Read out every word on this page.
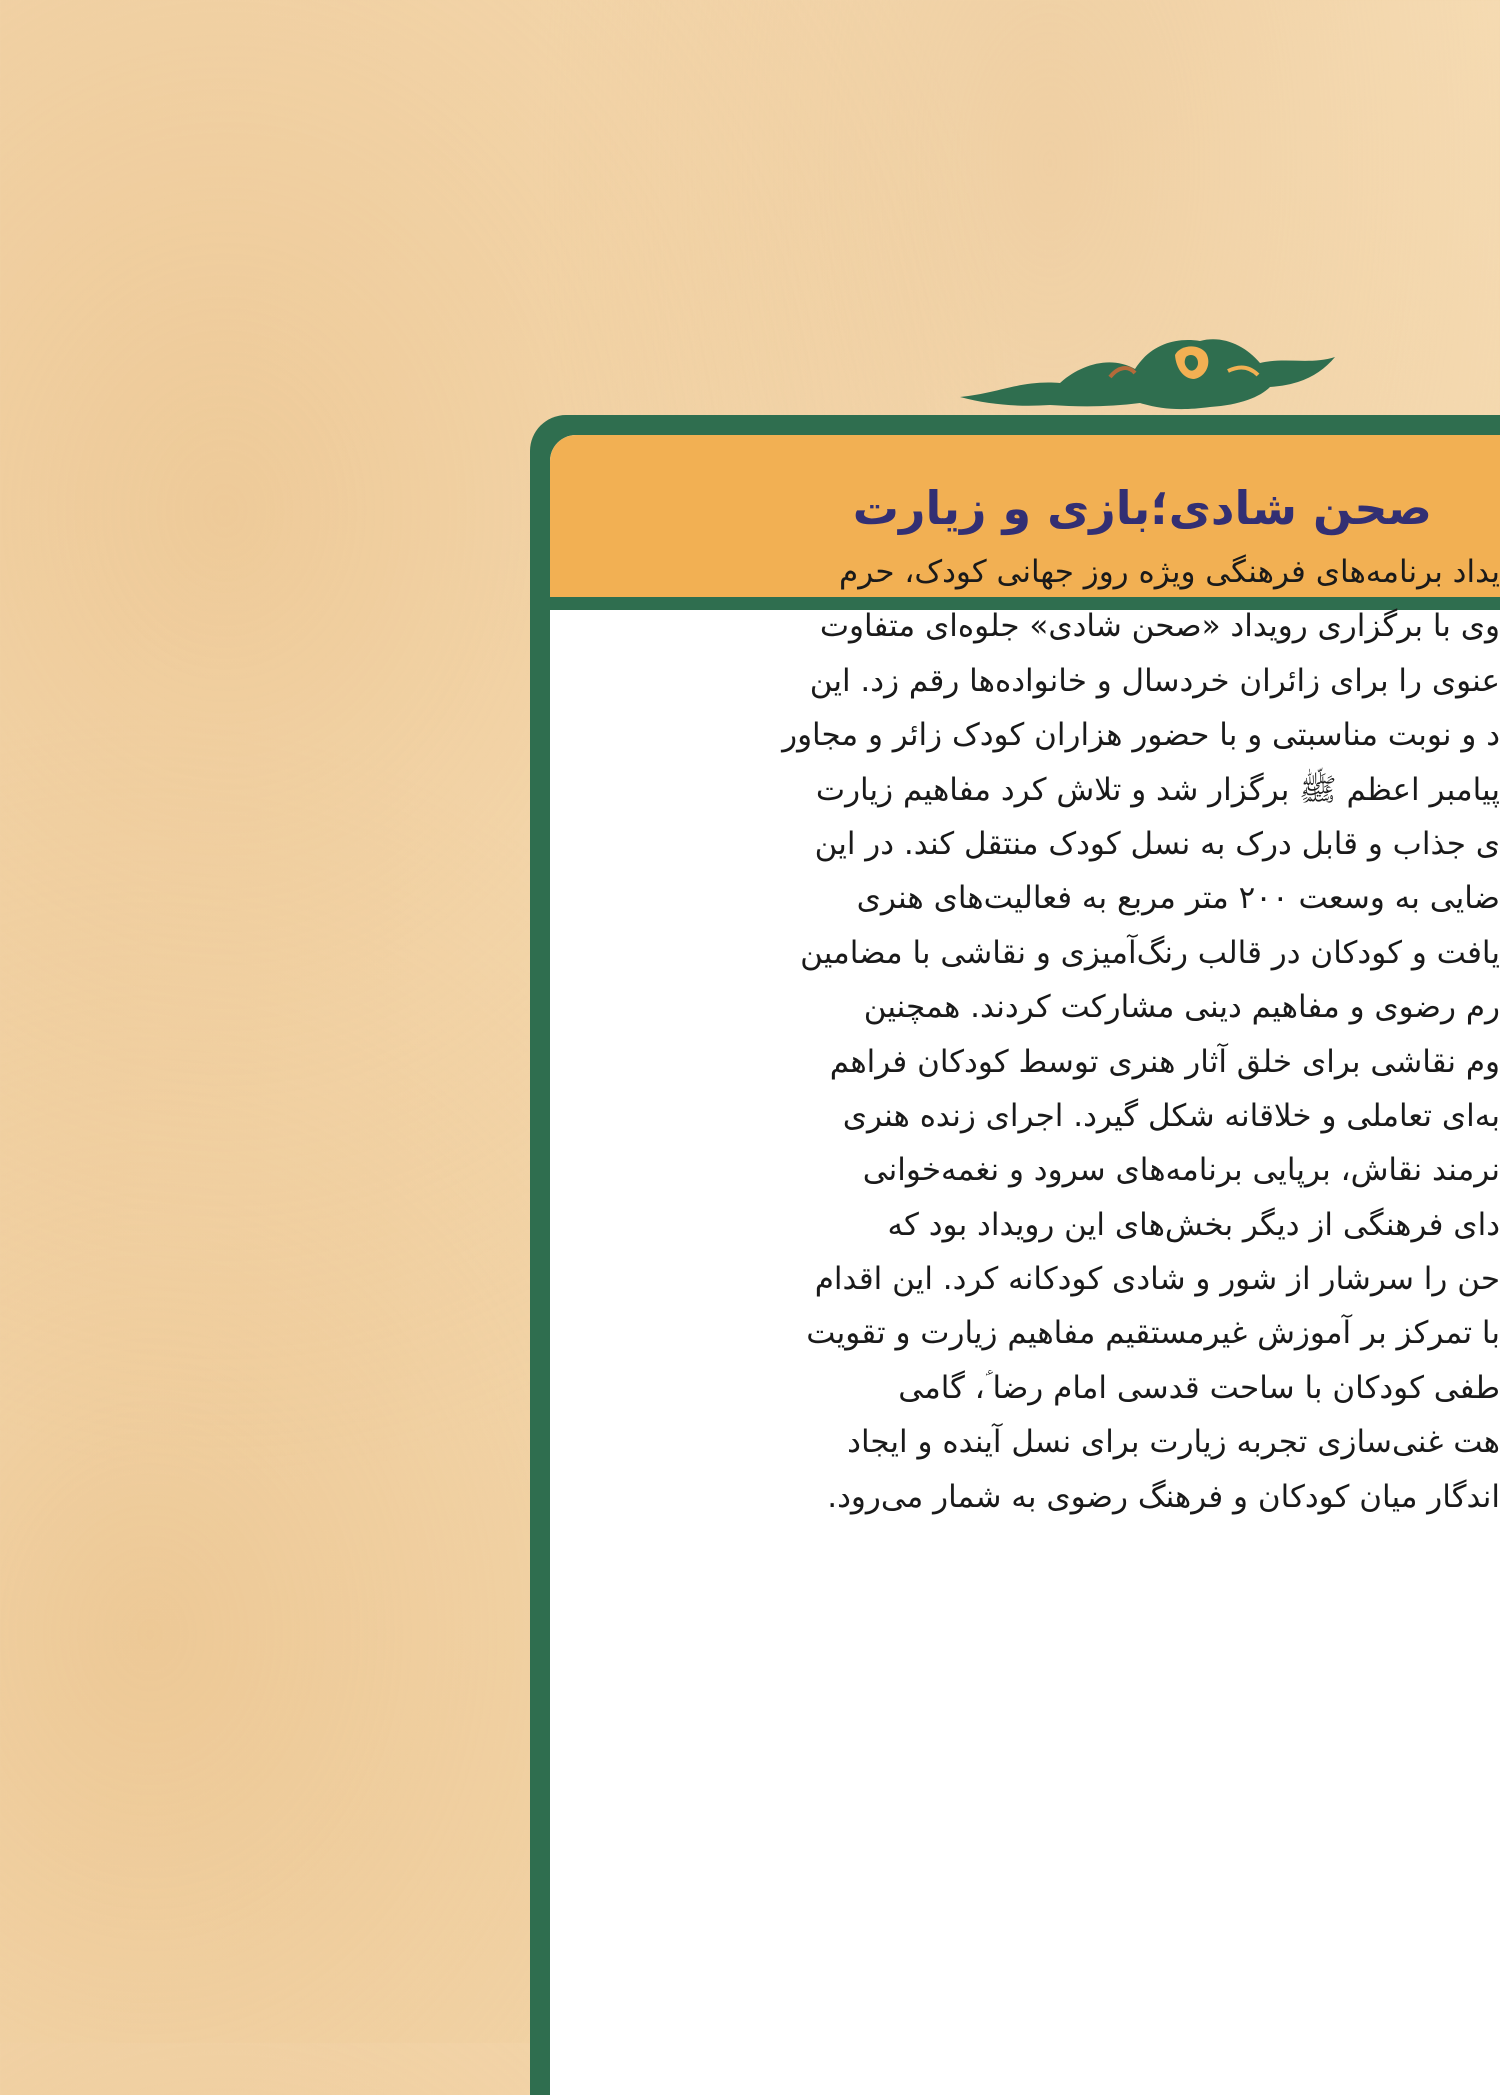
صحن شادی؛بازی و زیارت
یداد برنامه‌های فرهنگی ویژه روز جهانی کودک، حرم
وی با برگزاری رویداد «صحن شادی» جلوه‌ای متفاوت
عنوی را برای زائران خردسال و خانواده‌ها رقم زد. این
د و نوبت مناسبتی و با حضور هزاران کودک زائر و مجاور
پیامبر اعظم ﷺ برگزار شد و تلاش کرد مفاهیم زیارت
ی جذاب و قابل درک به نسل کودک منتقل کند. در این
ضایی به وسعت ۲۰۰ متر مربع به فعالیت‌های هنری
یافت و کودکان در قالب رنگ‌آمیزی و نقاشی با مضامین
رم رضوی و مفاهیم دینی مشارکت کردند. همچنین
وم نقاشی برای خلق آثار هنری توسط کودکان فراهم
به‌ای تعاملی و خلاقانه شکل گیرد. اجرای زنده هنری
نرمند نقاش، برپایی برنامه‌های سرود و نغمه‌خوانی
دای فرهنگی از دیگر بخش‌های این رویداد بود که
حن را سرشار از شور و شادی کودکانه کرد. این اقدام
با تمرکز بر آموزش غیرمستقیم مفاهیم زیارت و تقویت
طفی کودکان با ساحت قدسی امام رضا ؑ، گامی
هت غنی‌سازی تجربه زیارت برای نسل آینده و ایجاد
اندگار میان کودکان و فرهنگ رضوی به شمار می‌رود.
